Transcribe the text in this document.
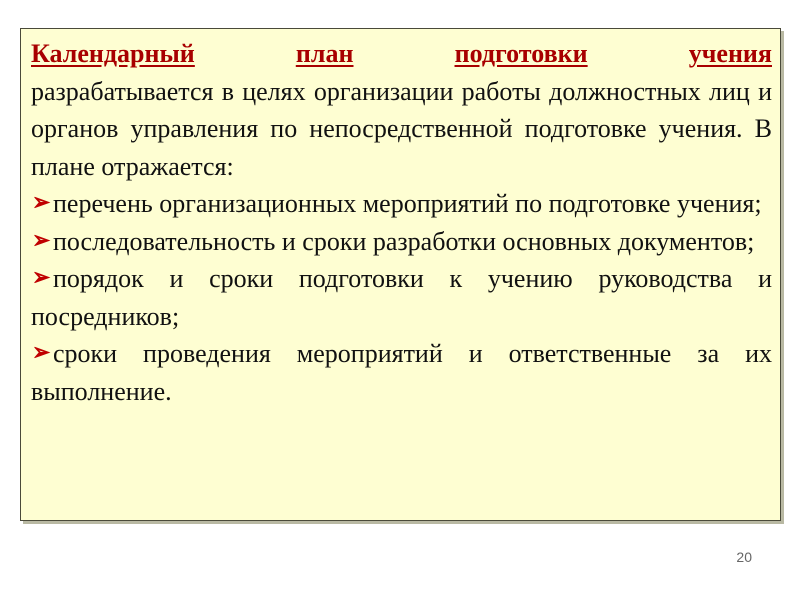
Календарный	план	подготовки	учения

разрабатывается в целях организации работы должностных лиц и органов управления по непосредственной подготовке учения. В плане отражается:

➢ перечень организационных мероприятий по подготовке учения;

➢ последовательность и сроки разработки основных документов;

➢ порядок и сроки подготовки к учению руководства и посредников;

➢ сроки проведения мероприятий и ответственные за их выполнение.

20
